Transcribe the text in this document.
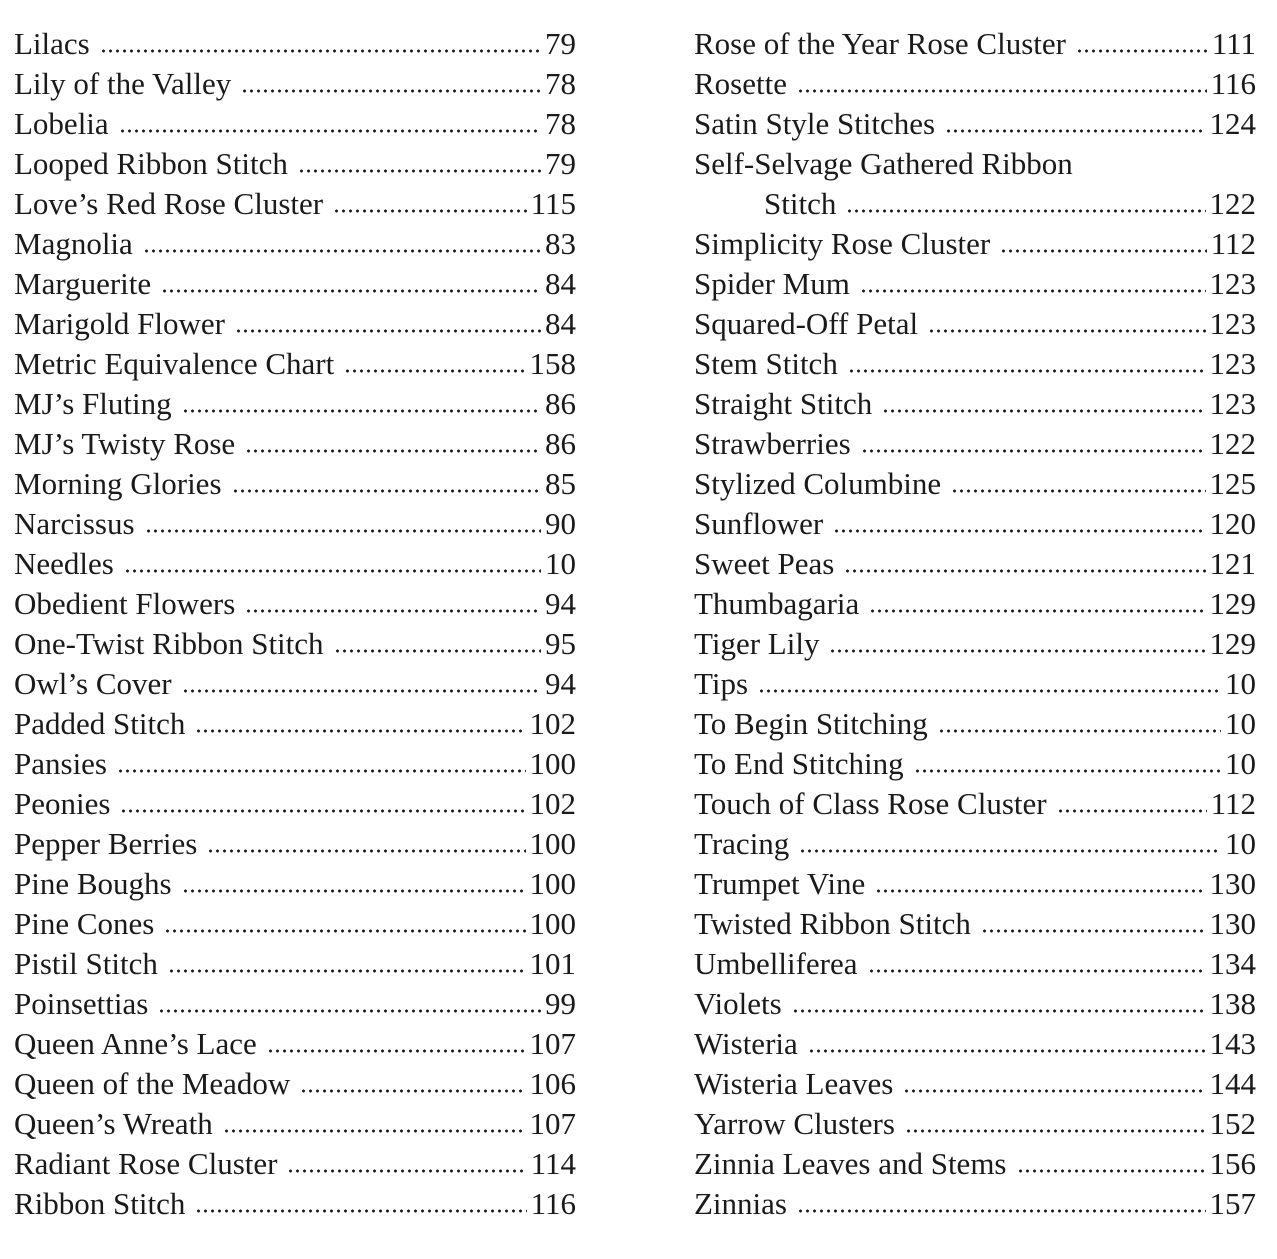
Lilacs	79
Lily of the Valley	78
Lobelia	78
Looped Ribbon Stitch	79
Love’s Red Rose Cluster	115
Magnolia	83
Marguerite	84
Marigold Flower	84
Metric Equivalence Chart	158
MJ’s Fluting	86
MJ’s Twisty Rose	86
Morning Glories	85
Narcissus	90
Needles	10
Obedient Flowers	94
One-Twist Ribbon Stitch	95
Owl’s Cover	94
Padded Stitch	102
Pansies	100
Peonies	102
Pepper Berries	100
Pine Boughs	100
Pine Cones	100
Pistil Stitch	101
Poinsettias	99
Queen Anne’s Lace	107
Queen of the Meadow	106
Queen’s Wreath	107
Radiant Rose Cluster	114
Ribbon Stitch	116
Rose of the Year Rose Cluster	111
Rosette	116
Satin Style Stitches	124
Self-Selvage Gathered Ribbon
Stitch	122
Simplicity Rose Cluster	112
Spider Mum	123
Squared-Off Petal	123
Stem Stitch	123
Straight Stitch	123
Strawberries	122
Stylized Columbine	125
Sunflower	120
Sweet Peas	121
Thumbagaria	129
Tiger Lily	129
Tips	10
To Begin Stitching	10
To End Stitching	10
Touch of Class Rose Cluster	112
Tracing	10
Trumpet Vine	130
Twisted Ribbon Stitch	130
Umbelliferea	134
Violets	138
Wisteria	143
Wisteria Leaves	144
Yarrow Clusters	152
Zinnia Leaves and Stems	156
Zinnias	157
